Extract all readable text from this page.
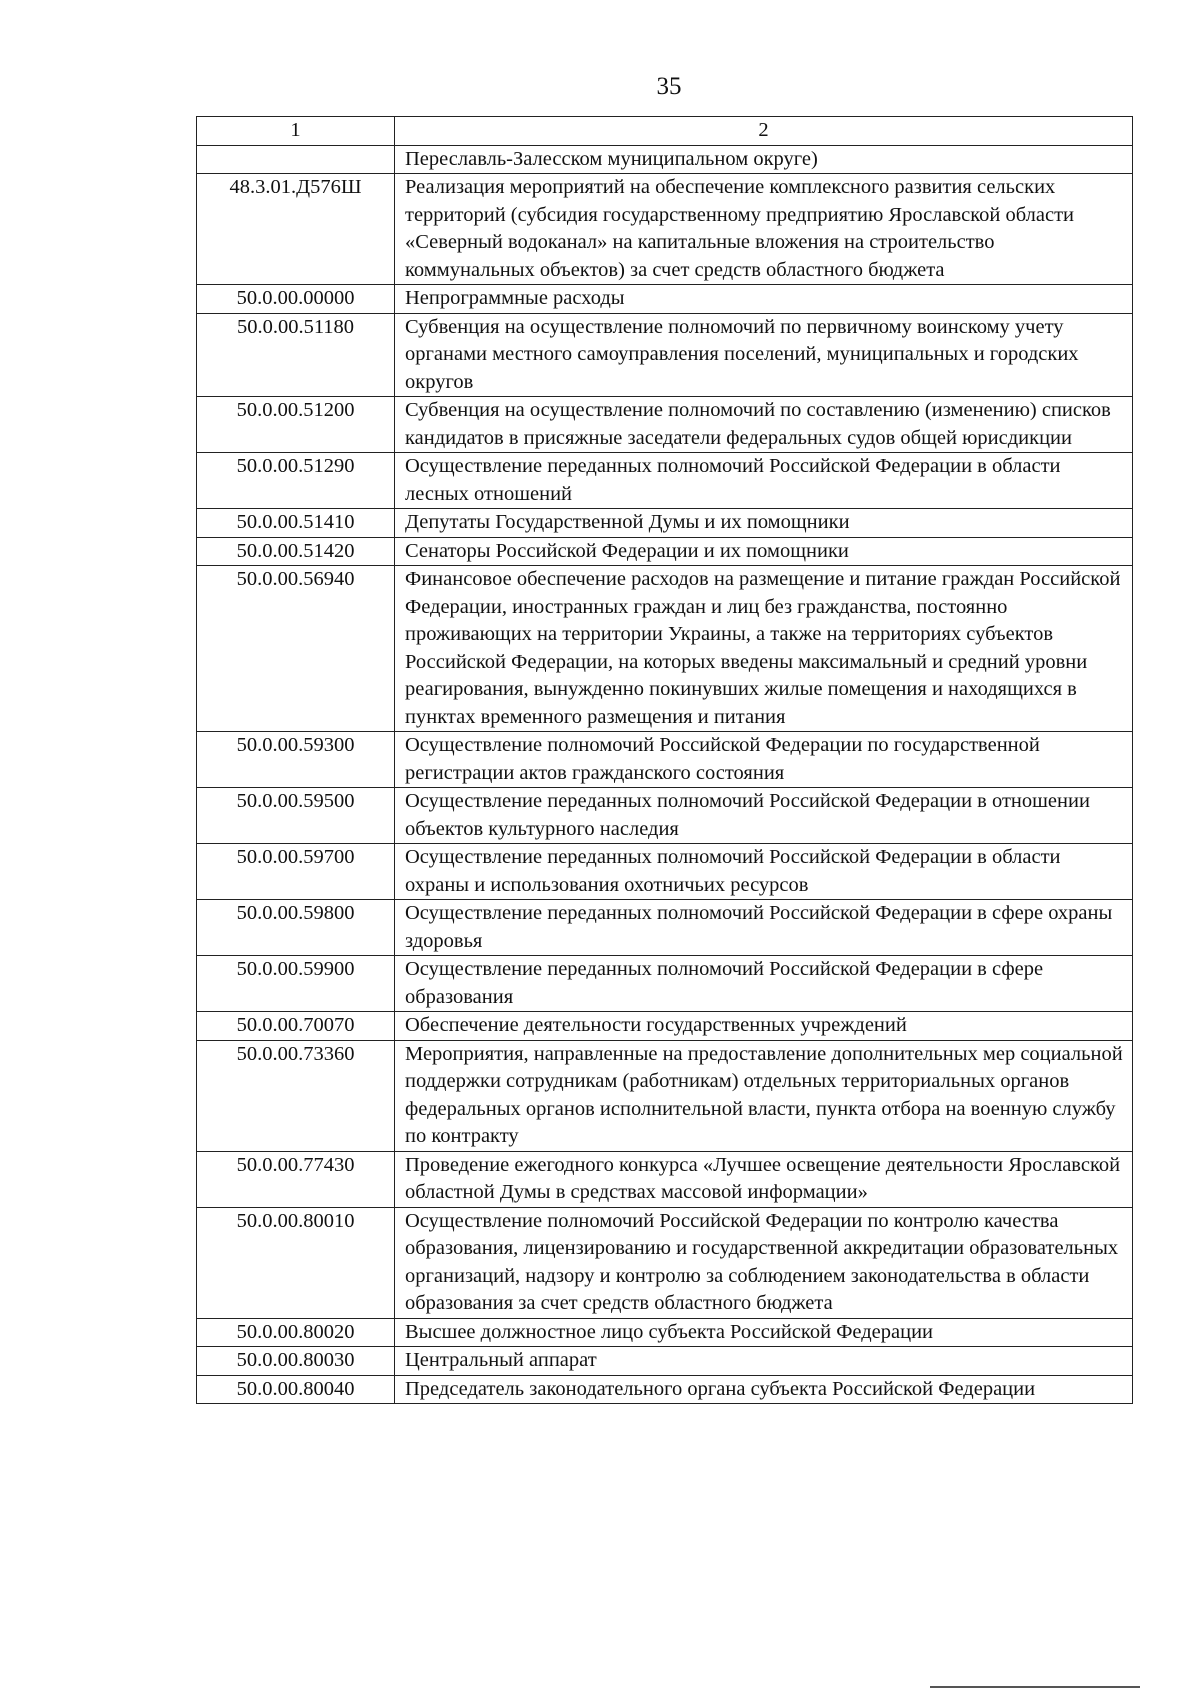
35
1	2
	Переславль-Залесском муниципальном округе)
48.3.01.Д576Ш	Реализация мероприятий на обеспечение комплексного развития сельских территорий (субсидия государственному предприятию Ярославской области «Северный водоканал» на капитальные вложения на строительство коммунальных объектов) за счет средств областного бюджета
50.0.00.00000	Непрограммные расходы
50.0.00.51180	Субвенция на осуществление полномочий по первичному воинскому учету органами местного самоуправления поселений, муниципальных и городских округов
50.0.00.51200	Субвенция на осуществление полномочий по составлению (изменению) списков кандидатов в присяжные заседатели федеральных судов общей юрисдикции
50.0.00.51290	Осуществление переданных полномочий Российской Федерации в области лесных отношений
50.0.00.51410	Депутаты Государственной Думы и их помощники
50.0.00.51420	Сенаторы Российской Федерации и их помощники
50.0.00.56940	Финансовое обеспечение расходов на размещение и питание граждан Российской Федерации, иностранных граждан и лиц без гражданства, постоянно проживающих на территории Украины, а также на территориях субъектов Российской Федерации, на которых введены максимальный и средний уровни реагирования, вынужденно покинувших жилые помещения и находящихся в пунктах временного размещения и питания
50.0.00.59300	Осуществление полномочий Российской Федерации по государственной регистрации актов гражданского состояния
50.0.00.59500	Осуществление переданных полномочий Российской Федерации в отношении объектов культурного наследия
50.0.00.59700	Осуществление переданных полномочий Российской Федерации в области охраны и использования охотничьих ресурсов
50.0.00.59800	Осуществление переданных полномочий Российской Федерации в сфере охраны здоровья
50.0.00.59900	Осуществление переданных полномочий Российской Федерации в сфере образования
50.0.00.70070	Обеспечение деятельности государственных учреждений
50.0.00.73360	Мероприятия, направленные на предоставление дополнительных мер социальной поддержки сотрудникам (работникам) отдельных территориальных органов федеральных органов исполнительной власти, пункта отбора на военную службу по контракту
50.0.00.77430	Проведение ежегодного конкурса «Лучшее освещение деятельности Ярославской областной Думы в средствах массовой информации»
50.0.00.80010	Осуществление полномочий Российской Федерации по контролю качества образования, лицензированию и государственной аккредитации образовательных организаций, надзору и контролю за соблюдением законодательства в области образования за счет средств областного бюджета
50.0.00.80020	Высшее должностное лицо субъекта Российской Федерации
50.0.00.80030	Центральный аппарат
50.0.00.80040	Председатель законодательного органа субъекта Российской Федерации
